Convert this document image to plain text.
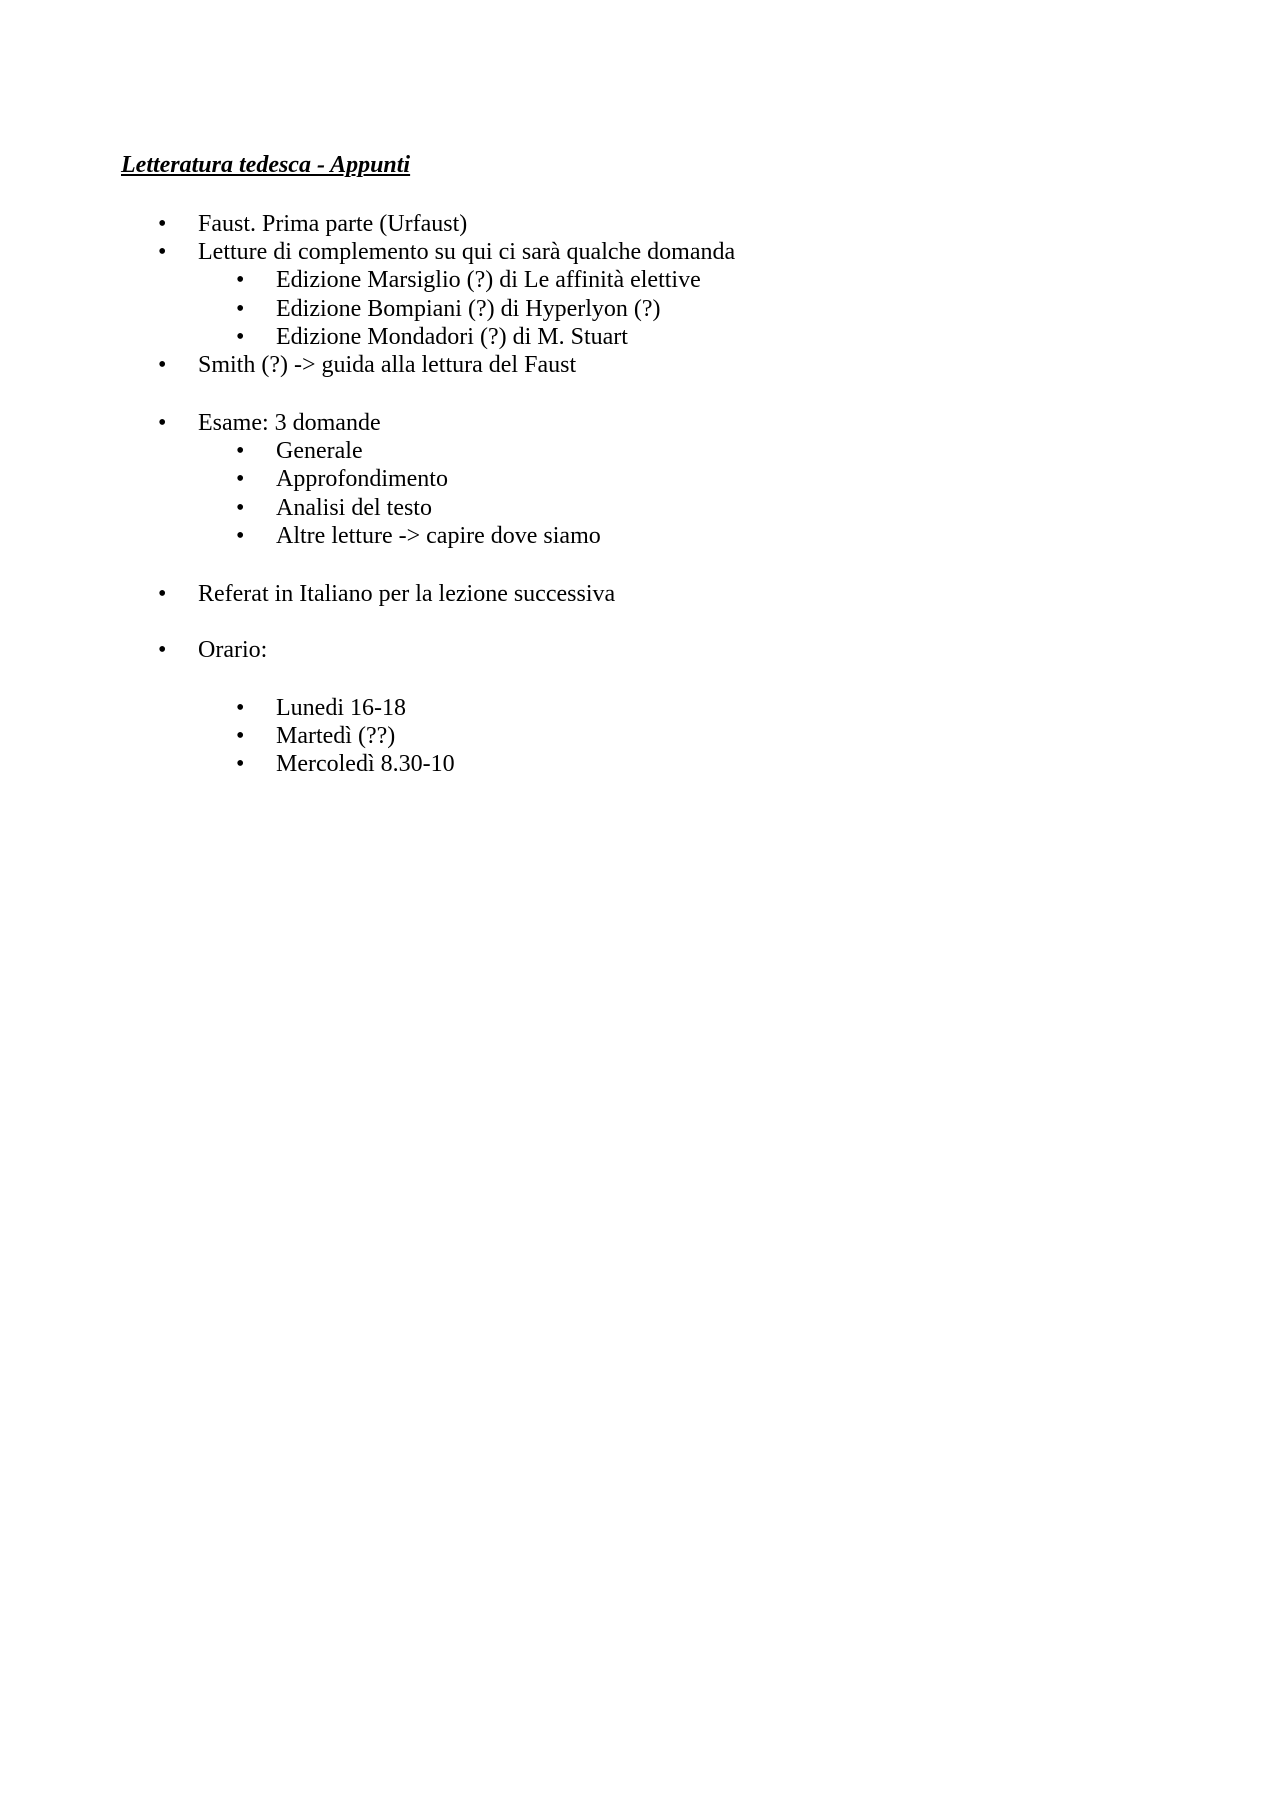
Letteratura tedesca - Appunti
•	Faust. Prima parte (Urfaust)
•	Letture di complemento su qui ci sarà qualche domanda
•	Edizione Marsiglio (?) di Le affinità elettive
•	Edizione Bompiani (?) di Hyperlyon (?)
•	Edizione Mondadori (?) di M. Stuart
•	Smith (?) -> guida alla lettura del Faust
•	Esame: 3 domande
•	Generale
•	Approfondimento
•	Analisi del testo
•	Altre letture -> capire dove siamo
•	Referat in Italiano per la lezione successiva
•	Orario:
•	Lunedi 16-18
•	Martedì (??)
•	Mercoledì 8.30-10
